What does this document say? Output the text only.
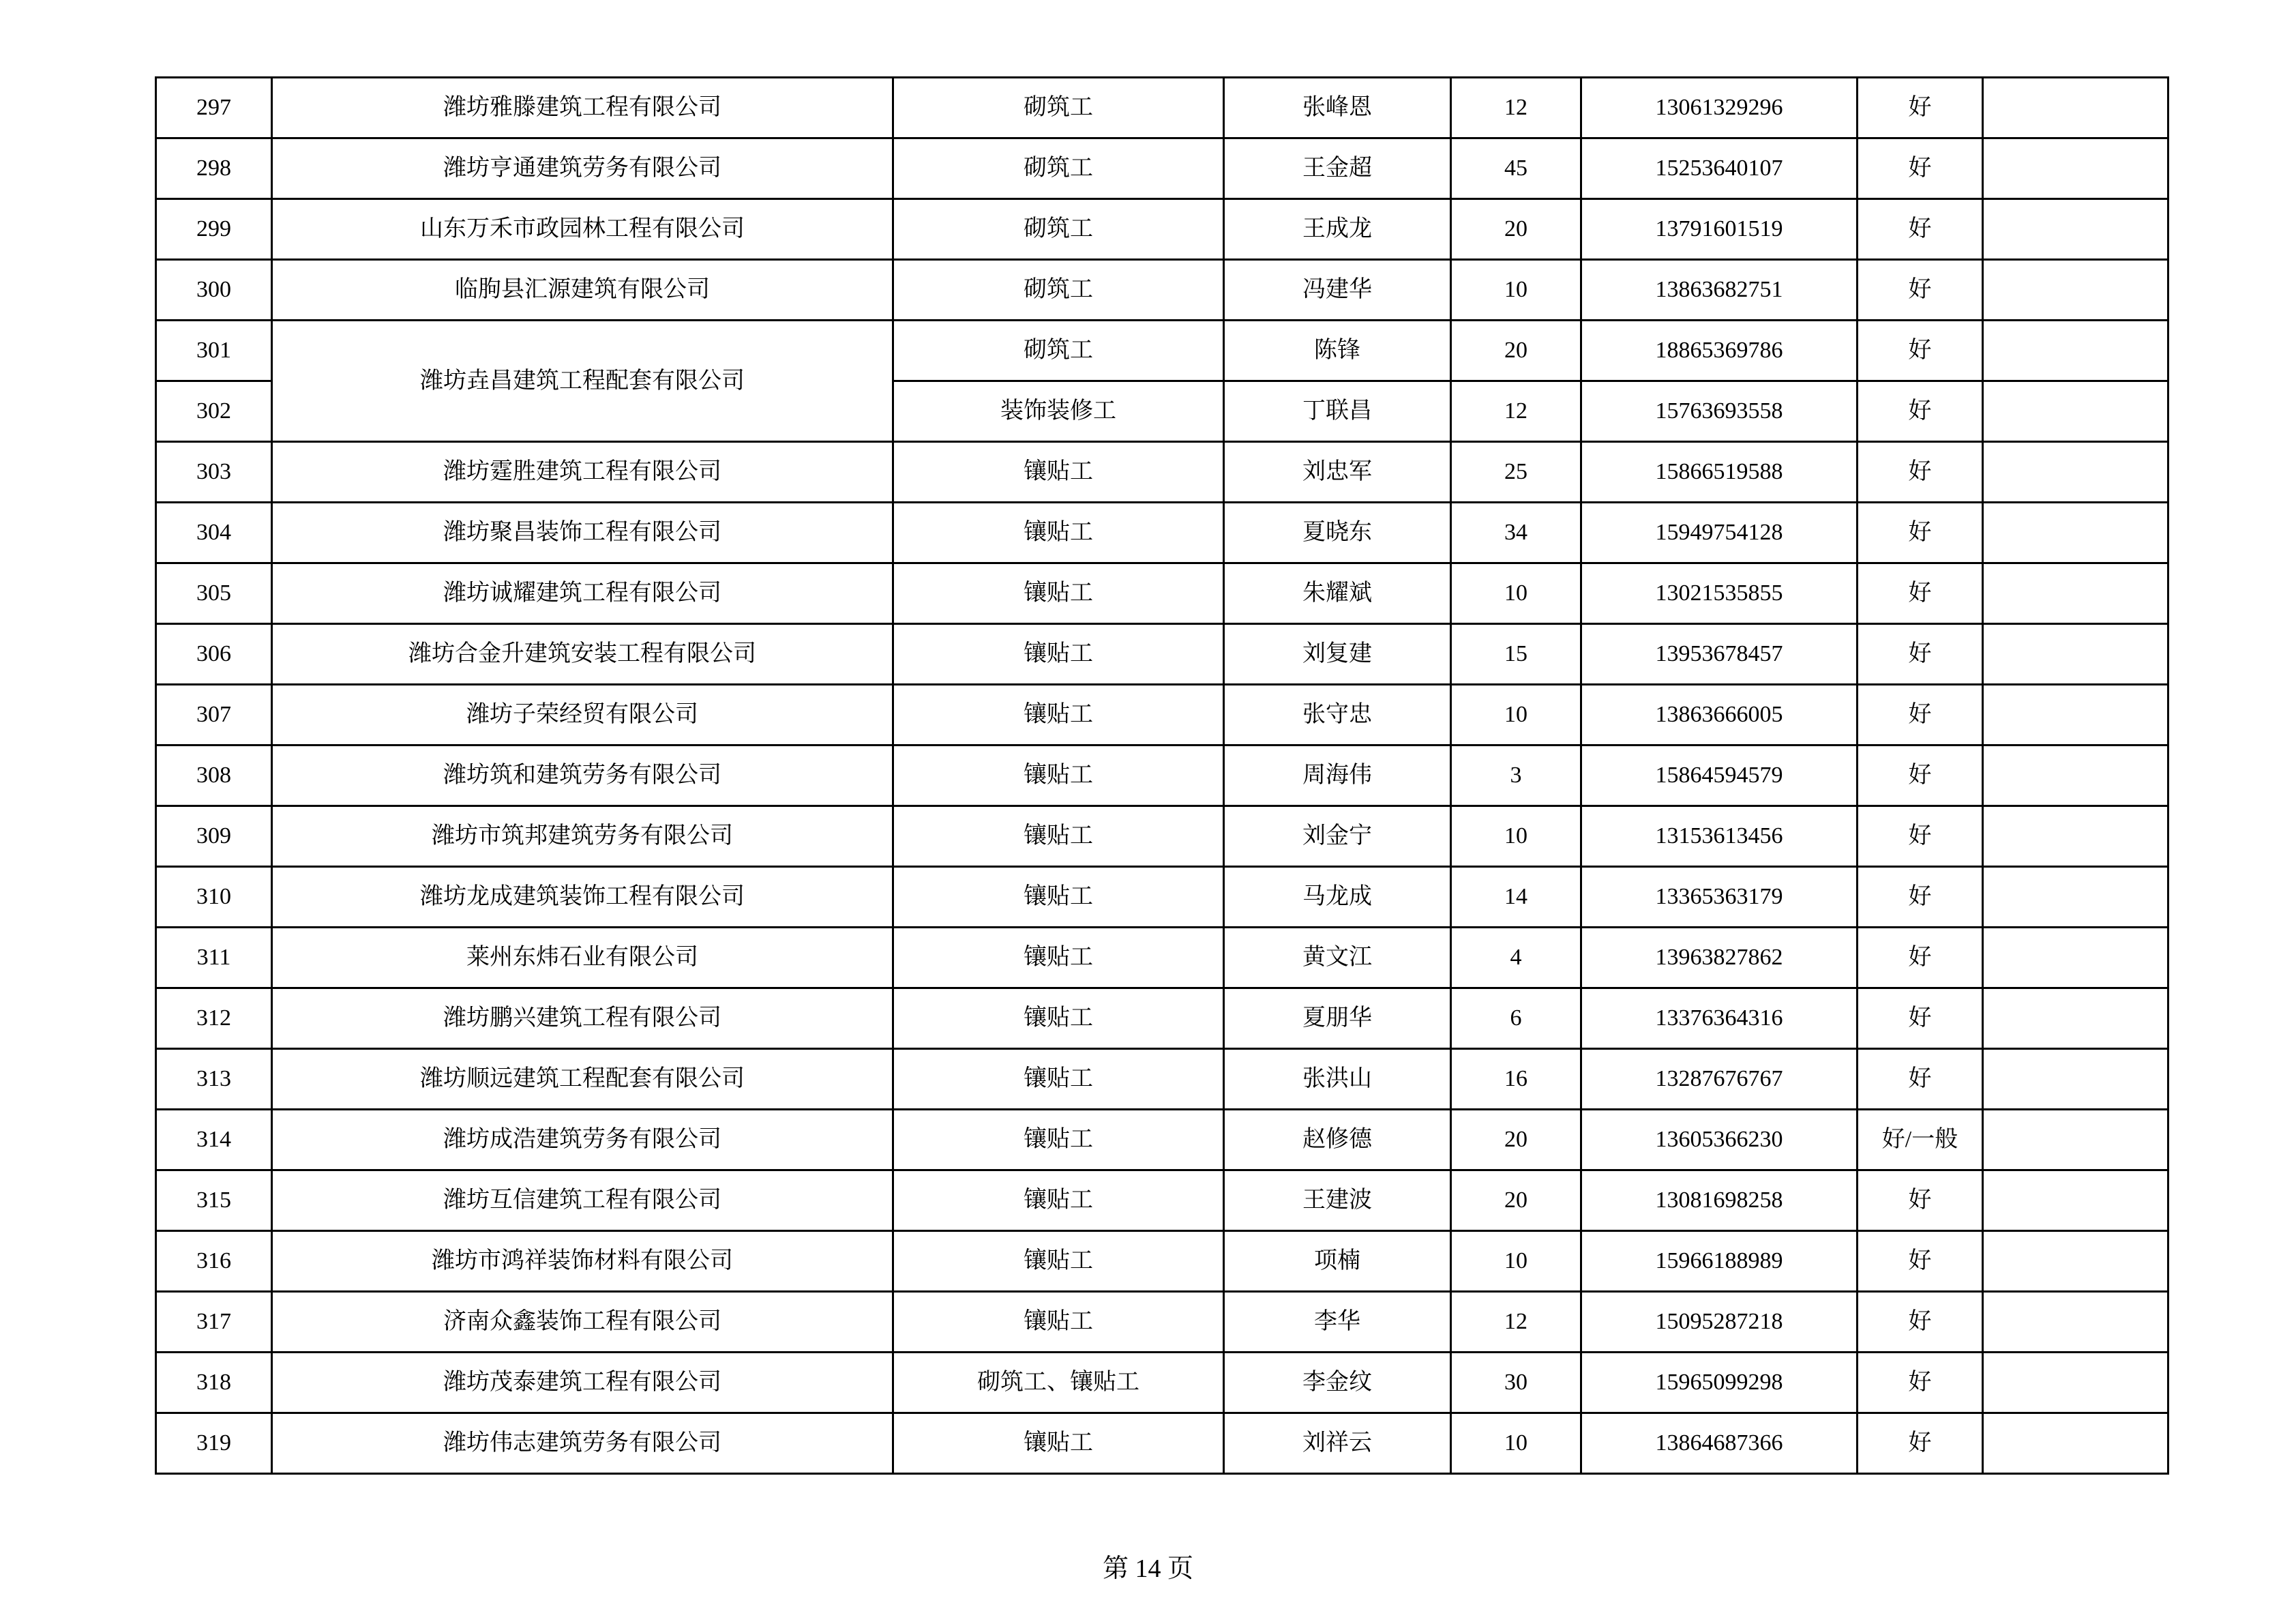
297	潍坊雅滕建筑工程有限公司	砌筑工	张峰恩	12	13061329296	好	
298	潍坊亨通建筑劳务有限公司	砌筑工	王金超	45	15253640107	好	
299	山东万禾市政园林工程有限公司	砌筑工	王成龙	20	13791601519	好	
300	临朐县汇源建筑有限公司	砌筑工	冯建华	10	13863682751	好	
301	潍坊垚昌建筑工程配套有限公司	砌筑工	陈锋	20	18865369786	好	
302		装饰装修工	丁联昌	12	15763693558	好	
303	潍坊霆胜建筑工程有限公司	镶贴工	刘忠军	25	15866519588	好	
304	潍坊聚昌装饰工程有限公司	镶贴工	夏晓东	34	15949754128	好	
305	潍坊诚耀建筑工程有限公司	镶贴工	朱耀斌	10	13021535855	好	
306	潍坊合金升建筑安装工程有限公司	镶贴工	刘复建	15	13953678457	好	
307	潍坊子荣经贸有限公司	镶贴工	张守忠	10	13863666005	好	
308	潍坊筑和建筑劳务有限公司	镶贴工	周海伟	3	15864594579	好	
309	潍坊市筑邦建筑劳务有限公司	镶贴工	刘金宁	10	13153613456	好	
310	潍坊龙成建筑装饰工程有限公司	镶贴工	马龙成	14	13365363179	好	
311	莱州东炜石业有限公司	镶贴工	黄文江	4	13963827862	好	
312	潍坊鹏兴建筑工程有限公司	镶贴工	夏朋华	6	13376364316	好	
313	潍坊顺远建筑工程配套有限公司	镶贴工	张洪山	16	13287676767	好	
314	潍坊成浩建筑劳务有限公司	镶贴工	赵修德	20	13605366230	好/一般	
315	潍坊互信建筑工程有限公司	镶贴工	王建波	20	13081698258	好	
316	潍坊市鸿祥装饰材料有限公司	镶贴工	项楠	10	15966188989	好	
317	济南众鑫装饰工程有限公司	镶贴工	李华	12	15095287218	好	
318	潍坊茂泰建筑工程有限公司	砌筑工、镶贴工	李金纹	30	15965099298	好	
319	潍坊伟志建筑劳务有限公司	镶贴工	刘祥云	10	13864687366	好	
第 14 页
